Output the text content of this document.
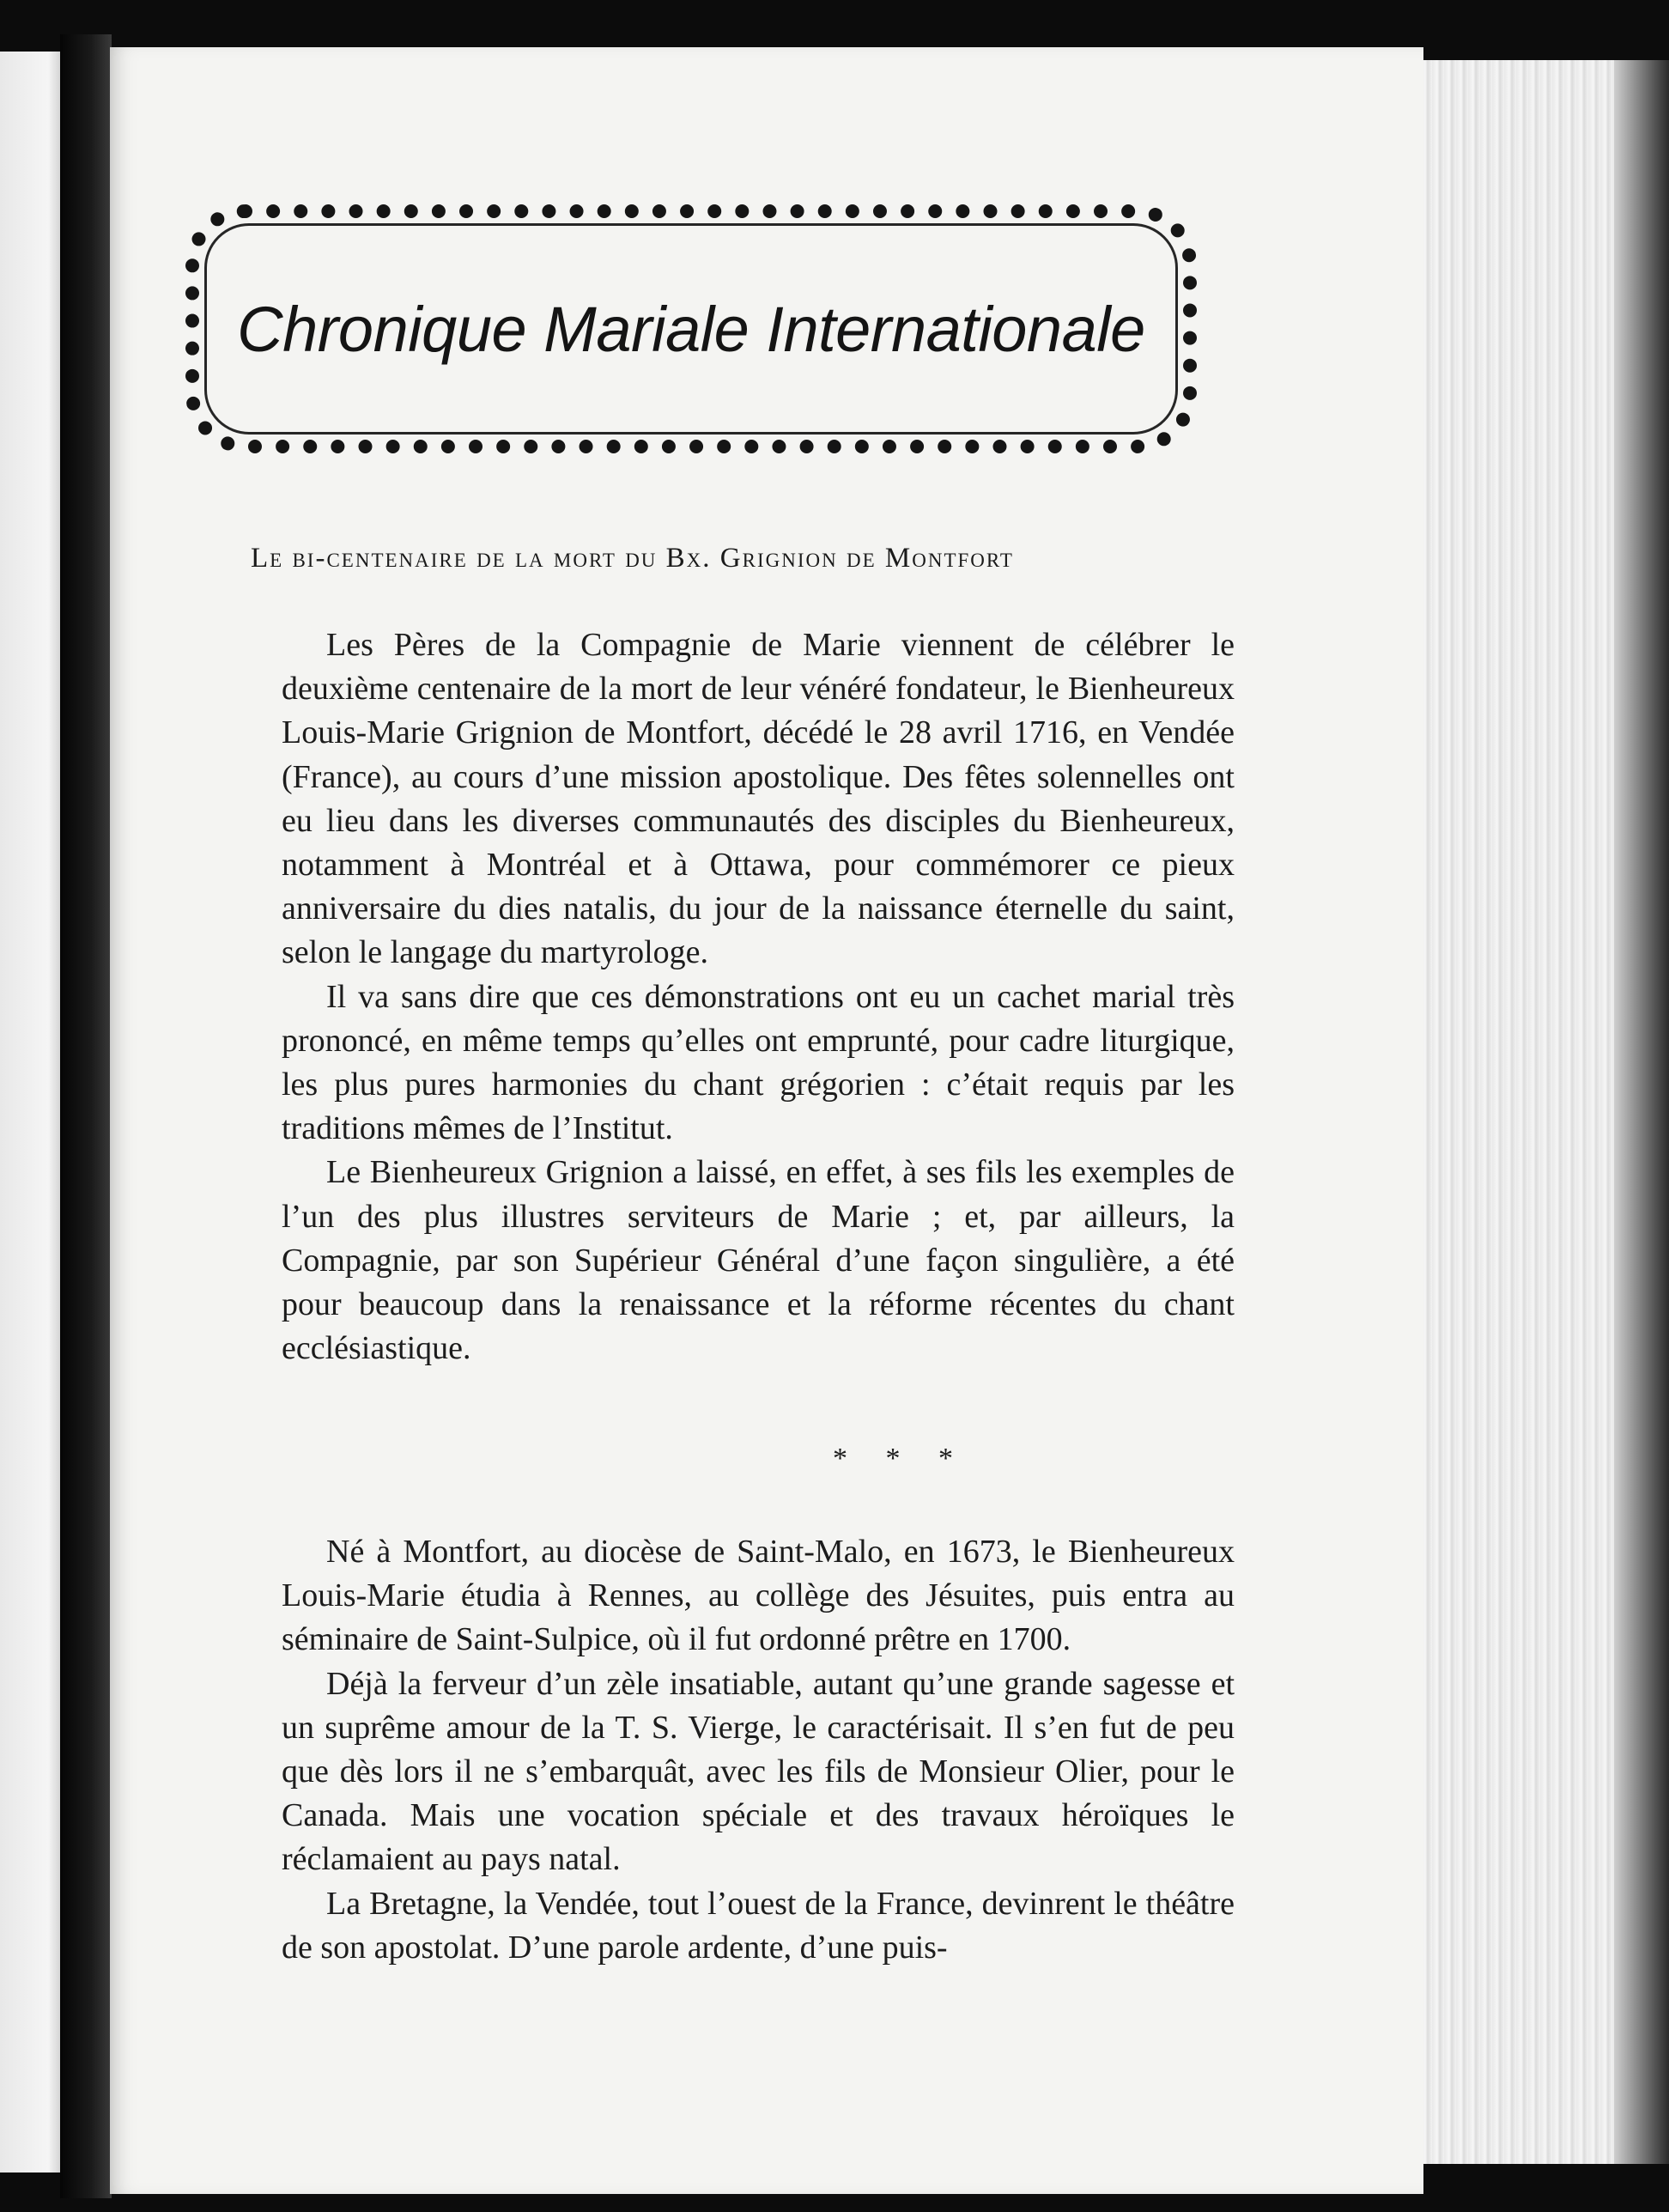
Chronique Mariale Internationale
Le bi-centenaire de la mort du Bx. Grignion de Montfort

Les Pères de la Compagnie de Marie viennent de célébrer le deuxième centenaire de la mort de leur vénéré fondateur, le Bienheureux Louis-Marie Grignion de Montfort, décédé le 28 avril 1716, en Vendée (France), au cours d’une mission apostolique. Des fêtes solennelles ont eu lieu dans les diverses communautés des disciples du Bienheureux, notamment à Montréal et à Ottawa, pour commémorer ce pieux anniversaire du dies natalis, du jour de la naissance éternelle du saint, selon le langage du martyrologe.

Il va sans dire que ces démonstrations ont eu un cachet marial très prononcé, en même temps qu’elles ont emprunté, pour cadre liturgique, les plus pures harmonies du chant grégorien : c’était requis par les traditions mêmes de l’Institut.

Le Bienheureux Grignion a laissé, en effet, à ses fils les exemples de l’un des plus illustres serviteurs de Marie ; et, par ailleurs, la Compagnie, par son Supérieur Général d’une façon singulière, a été pour beaucoup dans la renaissance et la réforme récentes du chant ecclésiastique.

* * *

Né à Montfort, au diocèse de Saint-Malo, en 1673, le Bienheureux Louis-Marie étudia à Rennes, au collège des Jésuites, puis entra au séminaire de Saint-Sulpice, où il fut ordonné prêtre en 1700.

Déjà la ferveur d’un zèle insatiable, autant qu’une grande sagesse et un suprême amour de la T. S. Vierge, le caractérisait. Il s’en fut de peu que dès lors il ne s’embarquât, avec les fils de Monsieur Olier, pour le Canada. Mais une vocation spéciale et des travaux héroïques le réclamaient au pays natal.

La Bretagne, la Vendée, tout l’ouest de la France, devinrent le théâtre de son apostolat. D’une parole ardente, d’une puis-
